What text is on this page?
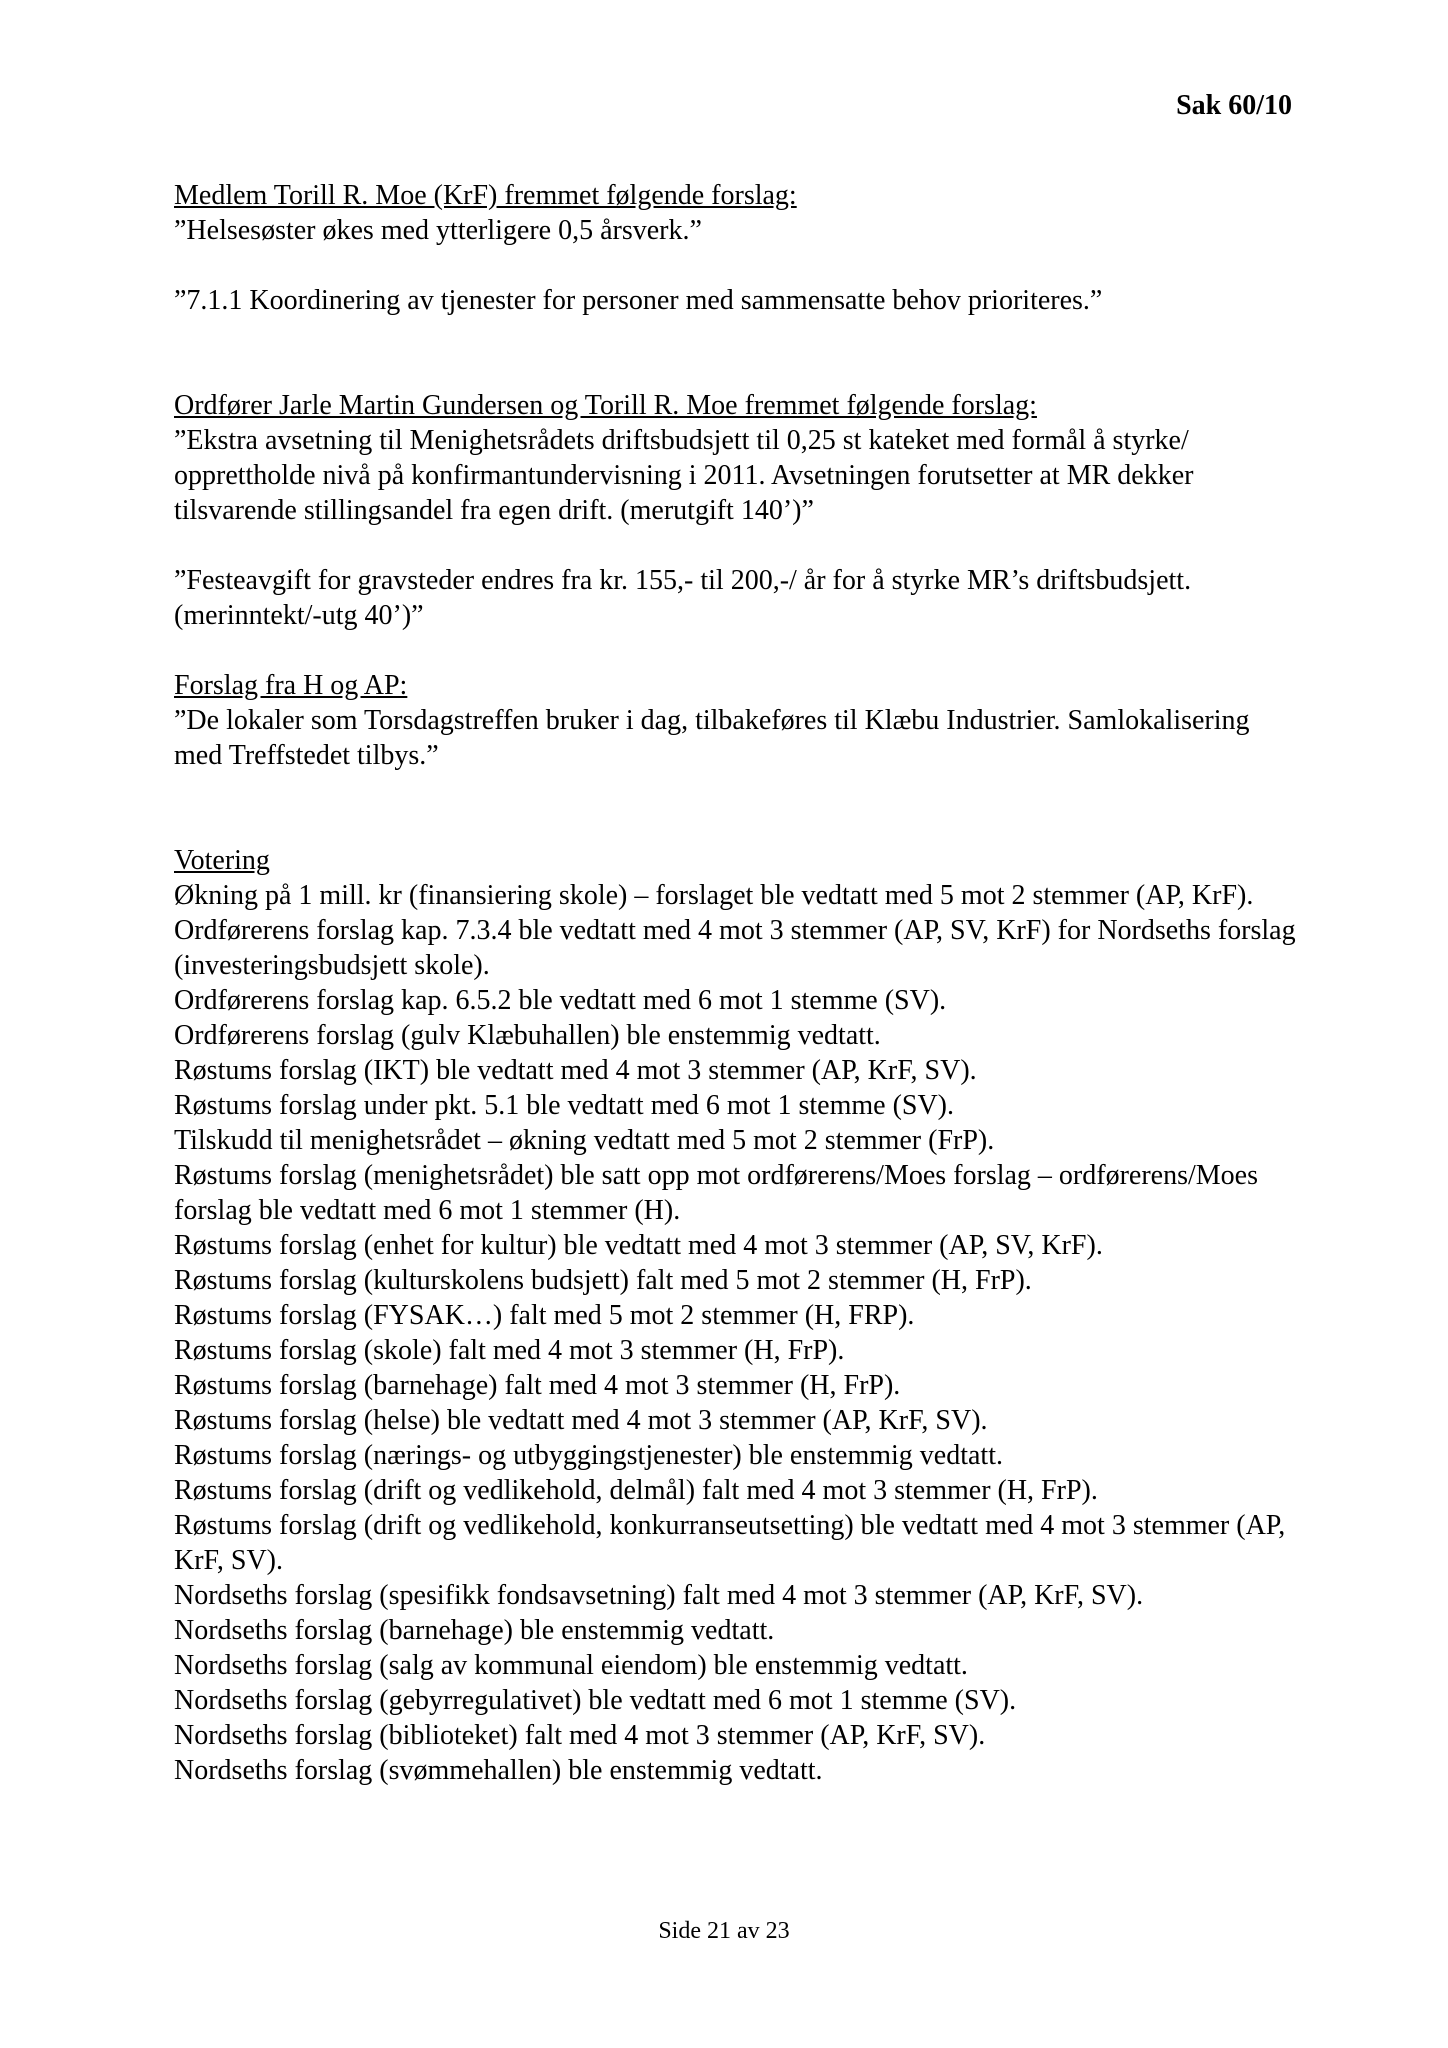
Sak 60/10

Medlem Torill R. Moe (KrF) fremmet følgende forslag:

”Helsesøster økes med ytterligere 0,5 årsverk.”

”7.1.1 Koordinering av tjenester for personer med sammensatte behov prioriteres.”

Ordfører Jarle Martin Gundersen og Torill R. Moe fremmet følgende forslag:

”Ekstra avsetning til Menighetsrådets driftsbudsjett til 0,25 st kateket med formål å styrke/ opprettholde nivå på konfirmantundervisning i 2011. Avsetningen forutsetter at MR dekker tilsvarende stillingsandel fra egen drift. (merutgift 140’)”

”Festeavgift for gravsteder endres fra kr. 155,- til 200,-/ år for å styrke MR’s driftsbudsjett. (merinntekt/-utg 40’)”

Forslag fra H og AP:

”De lokaler som Torsdagstreffen bruker i dag, tilbakeføres til Klæbu Industrier. Samlokalisering med Treffstedet tilbys.”

Votering

Økning på 1 mill. kr (finansiering skole) – forslaget ble vedtatt med 5 mot 2 stemmer (AP, KrF).

Ordførerens forslag kap. 7.3.4 ble vedtatt med 4 mot 3 stemmer (AP, SV, KrF) for Nordseths forslag (investeringsbudsjett skole).

Ordførerens forslag kap. 6.5.2 ble vedtatt med 6 mot 1 stemme (SV).

Ordførerens forslag (gulv Klæbuhallen) ble enstemmig vedtatt.

Røstums forslag (IKT) ble vedtatt med 4 mot 3 stemmer (AP, KrF, SV).

Røstums forslag under pkt. 5.1 ble vedtatt med 6 mot 1 stemme (SV).

Tilskudd til menighetsrådet – økning vedtatt med 5 mot 2 stemmer (FrP).

Røstums forslag (menighetsrådet) ble satt opp mot ordførerens/Moes forslag – ordførerens/Moes forslag ble vedtatt med 6 mot 1 stemmer (H).

Røstums forslag (enhet for kultur) ble vedtatt med 4 mot 3 stemmer (AP, SV, KrF).

Røstums forslag (kulturskolens budsjett) falt med 5 mot 2 stemmer (H, FrP).

Røstums forslag (FYSAK…) falt med 5 mot 2 stemmer (H, FRP).

Røstums forslag (skole) falt med 4 mot 3 stemmer (H, FrP).

Røstums forslag (barnehage) falt med 4 mot 3 stemmer (H, FrP).

Røstums forslag (helse) ble vedtatt med 4 mot 3 stemmer (AP, KrF, SV).

Røstums forslag (nærings- og utbyggingstjenester) ble enstemmig vedtatt.

Røstums forslag (drift og vedlikehold, delmål) falt med 4 mot 3 stemmer (H, FrP).

Røstums forslag (drift og vedlikehold, konkurranseutsetting) ble vedtatt med 4 mot 3 stemmer (AP, KrF, SV).

Nordseths forslag (spesifikk fondsavsetning) falt med 4 mot 3 stemmer (AP, KrF, SV).

Nordseths forslag (barnehage) ble enstemmig vedtatt.

Nordseths forslag (salg av kommunal eiendom) ble enstemmig vedtatt.

Nordseths forslag (gebyrregulativet) ble vedtatt med 6 mot 1 stemme (SV).

Nordseths forslag (biblioteket) falt med 4 mot 3 stemmer (AP, KrF, SV).

Nordseths forslag (svømmehallen) ble enstemmig vedtatt.

Side 21 av 23
